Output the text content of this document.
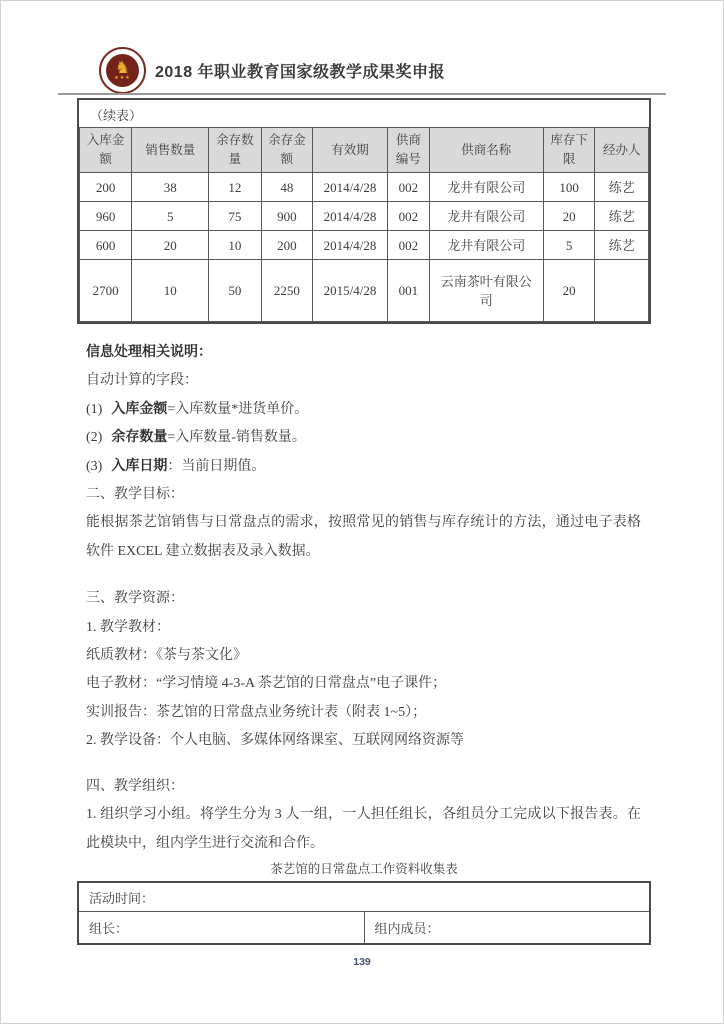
♞
★★★ 2018 年职业教育国家级教学成果奖申报
（续表）
入库金额	销售数量	余存数量	余存金额	有效期	供商编号	供商名称	库存下限	经办人
200	38	12	48	2014/4/28	002	龙井有限公司	100	练艺
960	5	75	900	2014/4/28	002	龙井有限公司	20	练艺
600	20	10	200	2014/4/28	002	龙井有限公司	5	练艺
2700	10	50	2250	2015/4/28	001	云南茶叶有限公司	20	

信息处理相关说明：

自动计算的字段：

(1) 入库金额=入库数量*进货单价。

(2) 余存数量=入库数量-销售数量。

(3) 入库日期：当前日期值。

二、教学目标：

能根据茶艺馆销售与日常盘点的需求，按照常见的销售与库存统计的方法，通过电子表格软件 EXCEL 建立数据表及录入数据。

三、教学资源：

1. 教学教材：

纸质教材：《茶与茶文化》

电子教材：“学习情境 4-3-A 茶艺馆的日常盘点”电子课件；

实训报告：茶艺馆的日常盘点业务统计表（附表 1~5）；

2. 教学设备：个人电脑、多媒体网络课室、互联网网络资源等

四、教学组织：

1. 组织学习小组。将学生分为 3 人一组，一人担任组长，各组员分工完成以下报告表。在此模块中，组内学生进行交流和合作。

茶艺馆的日常盘点工作资料收集表
活动时间：
组长：	组内成员：
139
